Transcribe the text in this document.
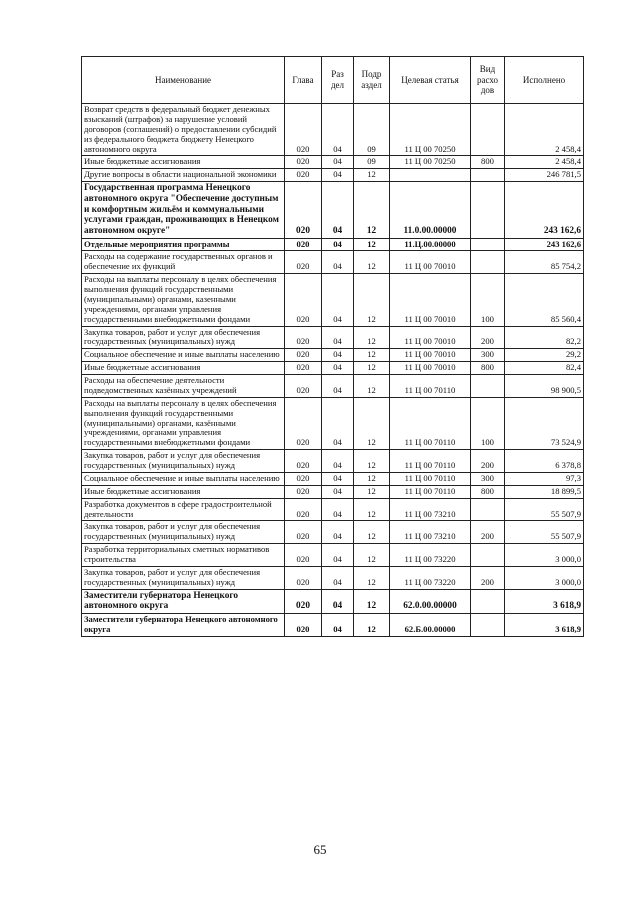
Наименование	Глава	Раз дел	Подр аздел	Целевая статья	Вид расхо дов	Исполнено
Возврат средств в федеральный бюджет денежных взысканий (штрафов) за нарушение условий договоров (соглашений) о предоставлении субсидий из федерального бюджета бюджету Ненецкого автономного округа	020	04	09	11 Ц 00 70250		2 458,4
Иные бюджетные ассигнования	020	04	09	11 Ц 00 70250	800	2 458,4
Другие вопросы в области национальной экономики	020	04	12			246 781,5
Государственная программа Ненецкого автономного округа "Обеспечение доступным и комфортным жильём и коммунальными услугами граждан, проживающих в Ненецком автономном округе"	020	04	12	11.0.00.00000		243 162,6
Отдельные мероприятия программы	020	04	12	11.Ц.00.00000		243 162,6
Расходы на содержание государственных органов и обеспечение их функций	020	04	12	11 Ц 00 70010		85 754,2
Расходы на выплаты персоналу в целях обеспечения выполнения функций государственными (муниципальными) органами, казенными учреждениями, органами управления государственными внебюджетными фондами	020	04	12	11 Ц 00 70010	100	85 560,4
Закупка товаров, работ и услуг для обеспечения государственных (муниципальных) нужд	020	04	12	11 Ц 00 70010	200	82,2
Социальное обеспечение и иные выплаты населению	020	04	12	11 Ц 00 70010	300	29,2
Иные бюджетные ассигнования	020	04	12	11 Ц 00 70010	800	82,4
Расходы на обеспечение деятельности подведомственных казённых учреждений	020	04	12	11 Ц 00 70110		98 900,5
Расходы на выплаты персоналу в целях обеспечения выполнения функций государственными (муниципальными) органами, казёнными учреждениями, органами управления государственными внебюджетными фондами	020	04	12	11 Ц 00 70110	100	73 524,9
Закупка товаров, работ и услуг для обеспечения государственных (муниципальных) нужд	020	04	12	11 Ц 00 70110	200	6 378,8
Социальное обеспечение и иные выплаты населению	020	04	12	11 Ц 00 70110	300	97,3
Иные бюджетные ассигнования	020	04	12	11 Ц 00 70110	800	18 899,5
Разработка документов в сфере градостроительной деятельности	020	04	12	11 Ц 00 73210		55 507,9
Закупка товаров, работ и услуг для обеспечения государственных (муниципальных) нужд	020	04	12	11 Ц 00 73210	200	55 507,9
Разработка территориальных сметных нормативов строительства	020	04	12	11 Ц 00 73220		3 000,0
Закупка товаров, работ и услуг для обеспечения государственных (муниципальных) нужд	020	04	12	11 Ц 00 73220	200	3 000,0
Заместители губернатора Ненецкого автономного округа	020	04	12	62.0.00.00000		3 618,9
Заместители губернатора Ненецкого автономного округа	020	04	12	62.Б.00.00000		3 618,9
65
